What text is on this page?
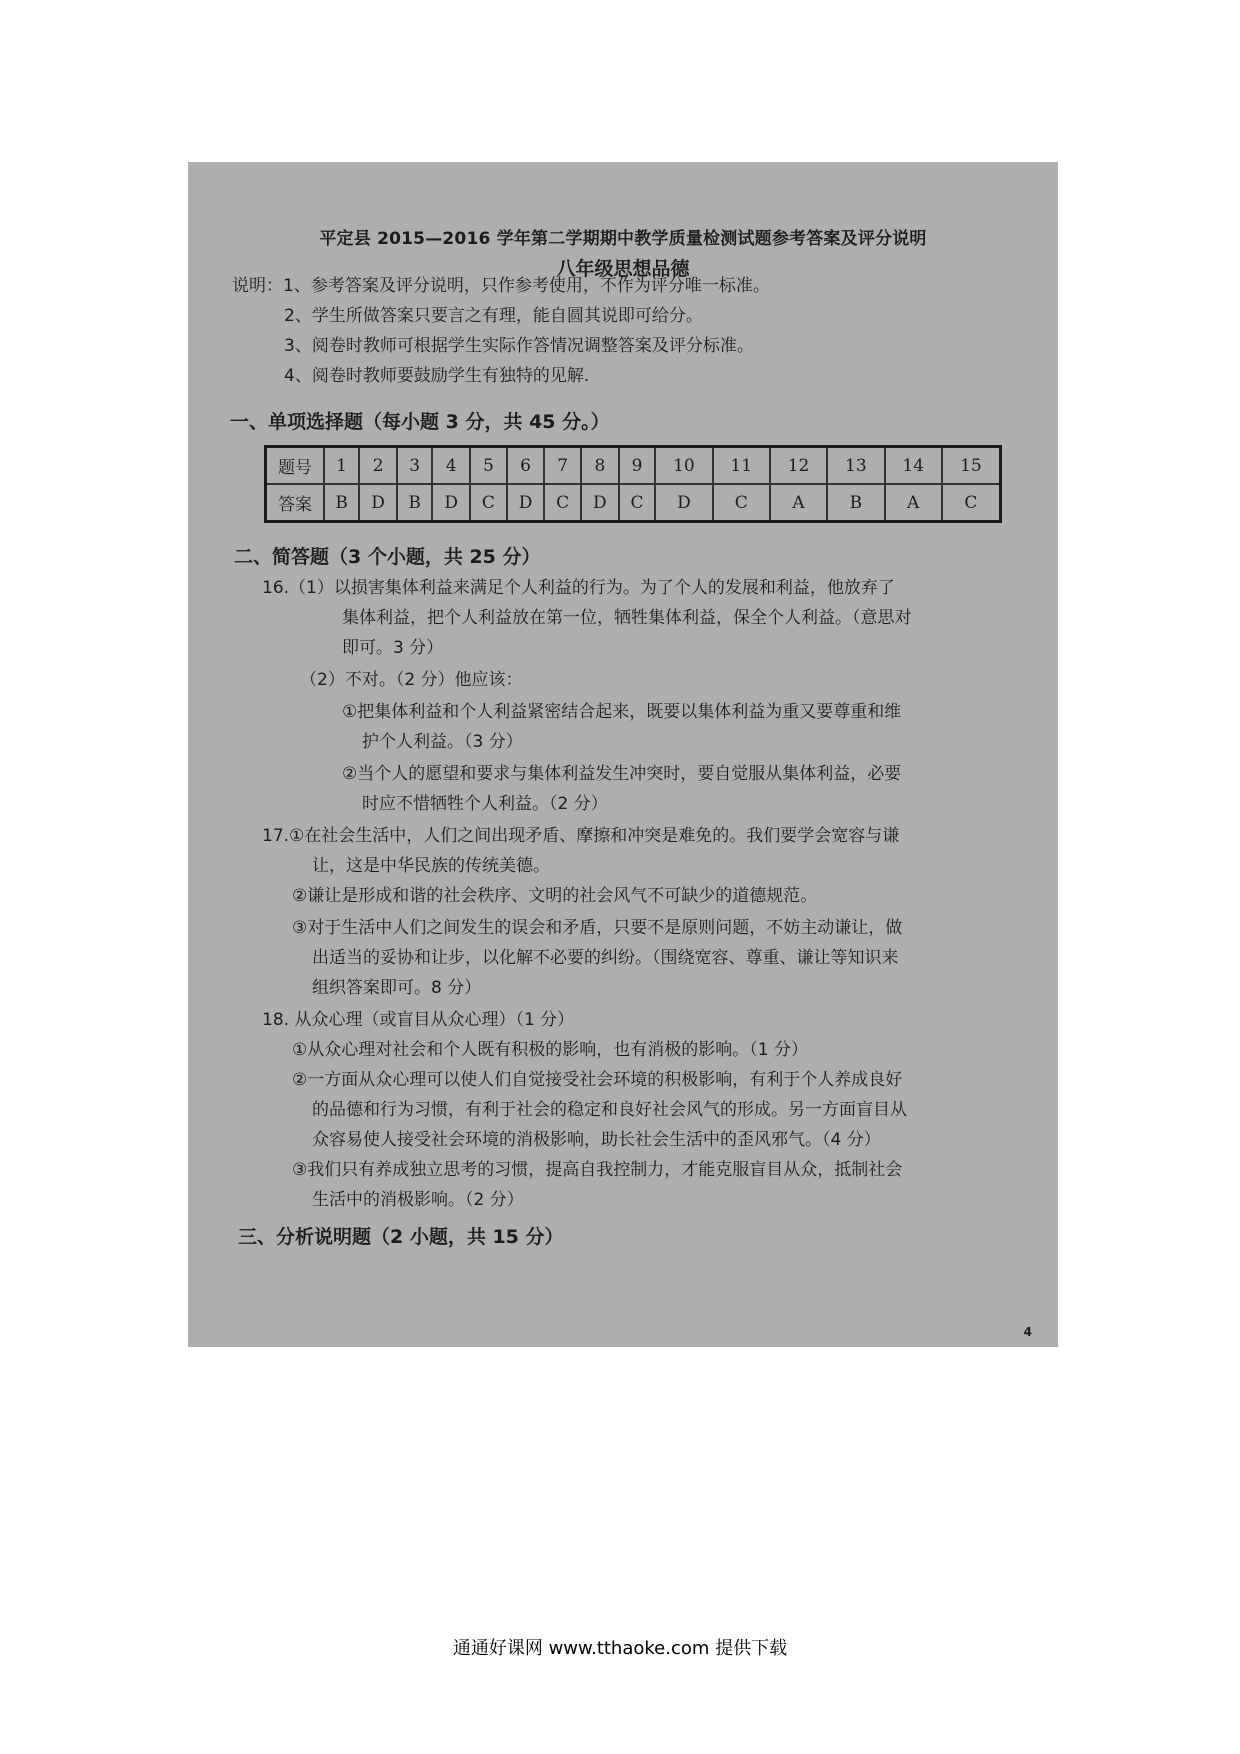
平定县 2015—2016 学年第二学期期中教学质量检测试题参考答案及评分说明
八年级思想品德
说明：1、参考答案及评分说明，只作参考使用，不作为评分唯一标准。
2、学生所做答案只要言之有理，能自圆其说即可给分。
3、阅卷时教师可根据学生实际作答情况调整答案及评分标准。
4、阅卷时教师要鼓励学生有独特的见解.
一、单项选择题（每小题 3 分，共 45 分。）
题号	1	2	3	4	5	6	7	8	9	10	11	12	13	14	15
答案	B	D	B	D	C	D	C	D	C	D	C	A	B	A	C
二、简答题（3 个小题，共 25 分）
16.（1）以损害集体利益来满足个人利益的行为。为了个人的发展和利益，他放弃了
集体利益，把个人利益放在第一位，牺牲集体利益，保全个人利益。（意思对
即可。3 分）
（2）不对。（2 分）他应该：
①把集体利益和个人利益紧密结合起来，既要以集体利益为重又要尊重和维
护个人利益。（3 分）
②当个人的愿望和要求与集体利益发生冲突时，要自觉服从集体利益，必要
时应不惜牺牲个人利益。（2 分）
17.①在社会生活中，人们之间出现矛盾、摩擦和冲突是难免的。我们要学会宽容与谦
让，这是中华民族的传统美德。
②谦让是形成和谐的社会秩序、文明的社会风气不可缺少的道德规范。
③对于生活中人们之间发生的误会和矛盾，只要不是原则问题，不妨主动谦让，做
出适当的妥协和让步，以化解不必要的纠纷。（围绕宽容、尊重、谦让等知识来
组织答案即可。8 分）
18. 从众心理（或盲目从众心理）（1 分）
①从众心理对社会和个人既有积极的影响，也有消极的影响。（1 分）
②一方面从众心理可以使人们自觉接受社会环境的积极影响，有利于个人养成良好
的品德和行为习惯，有利于社会的稳定和良好社会风气的形成。另一方面盲目从
众容易使人接受社会环境的消极影响，助长社会生活中的歪风邪气。（4 分）
③我们只有养成独立思考的习惯，提高自我控制力，才能克服盲目从众，抵制社会
生活中的消极影响。（2 分）
三、分析说明题（2 小题，共 15 分）
4
通通好课网 www.tthaoke.com 提供下载
